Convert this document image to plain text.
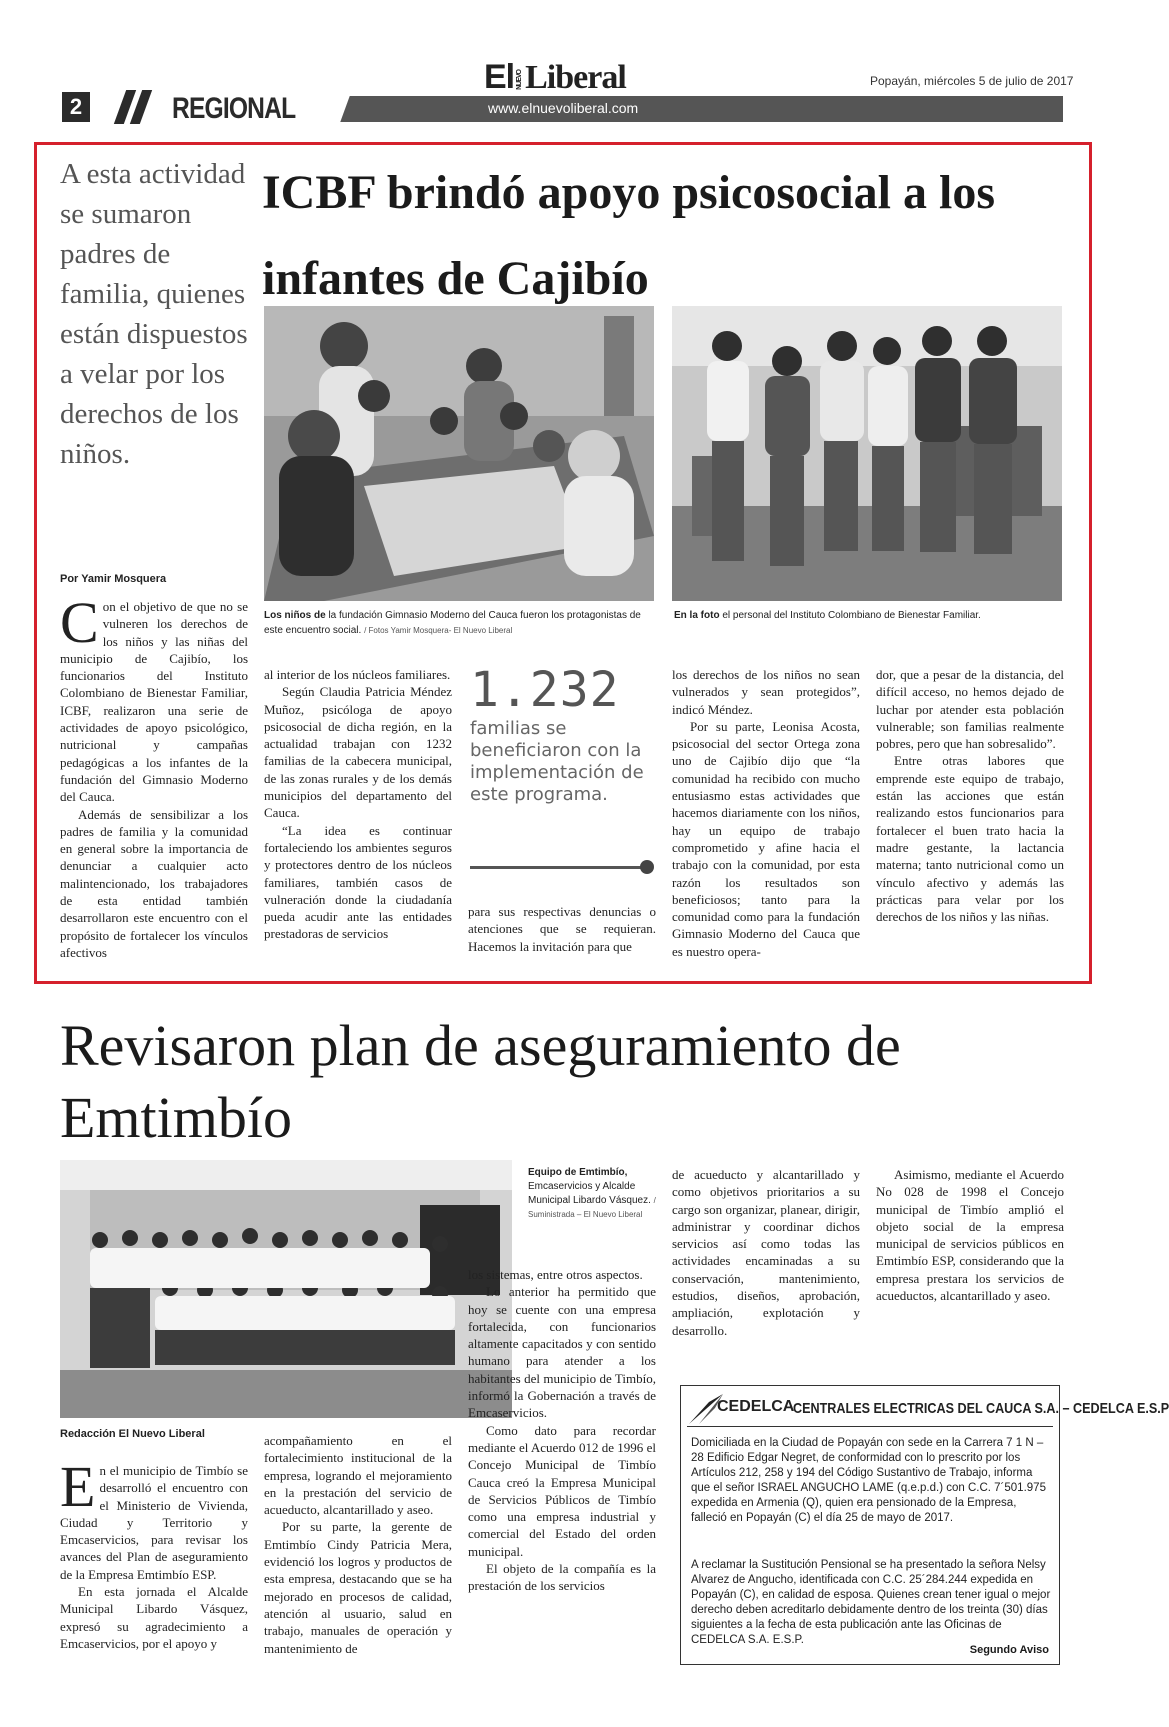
2	REGIONAL	www.elnuevoliberal.com
El NUEVOLiberal	Popayán, miércoles 5 de julio de 2017
A esta actividad se sumaron padres de familia, quienes están dispuestos a velar por los derechos de los niños.
ICBF brindó apoyo psicosocial a los infantes de Cajibío
Los niños de la fundación Gimnasio Moderno del Cauca fueron los protagonistas de este encuentro social. / Fotos Yamir Mosquera- El Nuevo Liberal
En la foto el personal del Instituto Colombiano de Bienestar Familiar.
Por Yamir Mosquera

Con el objetivo de que no se vulneren los derechos de los niños y las niñas del municipio de Cajibío, los funcionarios del Instituto Colombiano de Bienestar Familiar, ICBF, realizaron una serie de actividades de apoyo psicológico, nutricional y campañas pedagógicas a los infantes de la fundación del Gimnasio Moderno del Cauca.

Además de sensibilizar a los padres de familia y la comunidad en general sobre la importancia de denunciar a cualquier acto malintencionado, los trabajadores de esta entidad también desarrollaron este encuentro con el propósito de fortalecer los vínculos afectivos

al interior de los núcleos familiares.

Según Claudia Patricia Méndez Muñoz, psicóloga de apoyo psicosocial de dicha región, en la actualidad trabajan con 1232 familias de la cabecera municipal, de las zonas rurales y de los demás municipios del departamento del Cauca.

“La idea es continuar fortaleciendo los ambientes seguros y protectores dentro de los núcleos familiares, también casos de vulneración donde la ciudadanía pueda acudir ante las entidades prestadoras de servicios

1.232
familias se beneficiaron con la implementación de este programa.

para sus respectivas denuncias o atenciones que se requieran. Hacemos la invitación para que

los derechos de los niños no sean vulnerados y sean protegidos”, indicó Méndez.

Por su parte, Leonisa Acosta, psicosocial del sector Ortega zona uno de Cajibío dijo que “la comunidad ha recibido con mucho entusiasmo estas actividades que hacemos diariamente con los niños, hay un equipo de trabajo comprometido y afine hacia el trabajo con la comunidad, por esta razón los resultados son beneficiosos; tanto para la comunidad como para la fundación Gimnasio Moderno del Cauca que es nuestro opera-

dor, que a pesar de la distancia, del difícil acceso, no hemos dejado de luchar por atender esta población vulnerable; son familias realmente pobres, pero que han sobresalido”.

Entre otras labores que emprende este equipo de trabajo, están las acciones que están realizando estos funcionarios para fortalecer el buen trato hacia la madre gestante, la lactancia materna; tanto nutricional como un vínculo afectivo y además las prácticas para velar por los derechos de los niños y las niñas.

Revisaron plan de aseguramiento de Emtimbío
Equipo de Emtimbío,
Emcaservicios y Alcalde Municipal Libardo Vásquez. / Suministrada – El Nuevo Liberal
Redacción El Nuevo Liberal

En el municipio de Timbío se desarrolló el encuentro con el Ministerio de Vivienda, Ciudad y Territorio y Emcaservicios, para revisar los avances del Plan de aseguramiento de la Empresa Emtimbío ESP.

En esta jornada el Alcalde Municipal Libardo Vásquez, expresó su agradecimiento a Emcaservicios, por el apoyo y

acompañamiento en el fortalecimiento institucional de la empresa, logrando el mejoramiento en la prestación del servicio de acueducto, alcantarillado y aseo.

Por su parte, la gerente de Emtimbío Cindy Patricia Mera, evidenció los logros y productos de esta empresa, destacando que se ha mejorado en procesos de calidad, atención al usuario, salud en trabajo, manuales de operación y mantenimiento de

los sistemas, entre otros aspectos.

Lo anterior ha permitido que hoy se cuente con una empresa fortalecida, con funcionarios altamente capacitados y con sentido humano para atender a los habitantes del municipio de Timbío, informó la Gobernación a través de Emcaservicios.

Como dato para recordar mediante el Acuerdo 012 de 1996 el Concejo Municipal de Timbío Cauca creó la Empresa Municipal de Servicios Públicos de Timbío como una empresa industrial y comercial del Estado del orden municipal.

El objeto de la compañía es la prestación de los servicios

de acueducto y alcantarillado y como objetivos prioritarios a su cargo son organizar, planear, dirigir, administrar y coordinar dichos servicios así como todas las actividades encaminadas a su conservación, mantenimiento, estudios, diseños, aprobación, ampliación, explotación y desarrollo.

Asimismo, mediante el Acuerdo No 028 de 1998 el Concejo municipal de Timbío amplió el objeto social de la empresa municipal de servicios públicos en Emtimbío ESP, considerando que la empresa prestara los servicios de acueductos, alcantarillado y aseo.

CEDELCA
CENTRALES ELECTRICAS DEL CAUCA S.A. – CEDELCA E.S.P
Domiciliada en la Ciudad de Popayán con sede en la Carrera 7 1 N – 28 Edificio Edgar Negret, de conformidad con lo prescrito por los Artículos 212, 258 y 194 del Código Sustantivo de Trabajo, informa que el señor ISRAEL ANGUCHO LAME (q.e.p.d.) con C.C. 7´501.975 expedida en Armenia (Q), quien era pensionado de la Empresa, falleció en Popayán (C) el día 25 de mayo de 2017.
A reclamar la Sustitución Pensional se ha presentado la señora Nelsy Alvarez de Angucho, identificada con C.C. 25´284.244 expedida en Popayán (C), en calidad de esposa. Quienes crean tener igual o mejor derecho deben acreditarlo debidamente dentro de los treinta (30) días siguientes a la fecha de esta publicación ante las Oficinas de CEDELCA S.A. E.S.P.
Segundo Aviso
